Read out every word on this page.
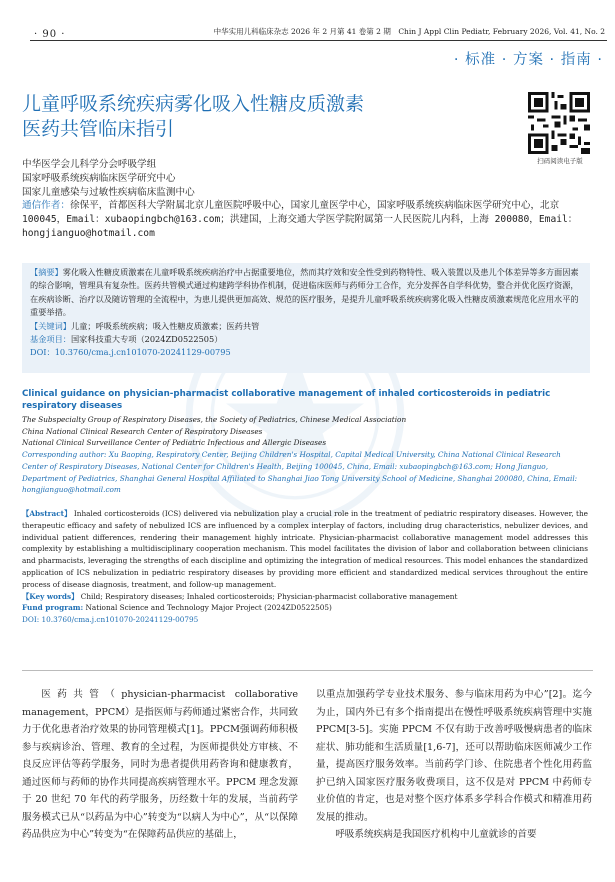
· 90 ·	中华实用儿科临床杂志 2026 年 2 月第 41 卷第 2 期　Chin J Appl Clin Pediatr, February 2026, Vol. 41, No. 2
· 标准 · 方案 · 指南 ·
儿童呼吸系统疾病雾化吸入性糖皮质激素
医药共管临床指引
扫码阅读电子版
中华医学会儿科学分会呼吸学组
国家呼吸系统疾病临床医学研究中心
国家儿童感染与过敏性疾病临床监测中心
通信作者：徐保平，首都医科大学附属北京儿童医院呼吸中心，国家儿童医学中心，国家呼吸系统疾病临床医学研究中心，北京 100045，Email：xubaopingbch@163.com；洪建国，上海交通大学医学院附属第一人民医院儿内科，上海 200080，Email：hongjianguo@hotmail.com
【摘要】雾化吸入性糖皮质激素在儿童呼吸系统疾病治疗中占据重要地位，然而其疗效和安全性受到药物特性、吸入装置以及患儿个体差异等多方面因素的综合影响，管理具有复杂性。医药共管模式通过构建跨学科协作机制，促进临床医师与药师分工合作，充分发挥各自学科优势，整合并优化医疗资源，在疾病诊断、治疗以及随访管理的全流程中，为患儿提供更加高效、规范的医疗服务，是提升儿童呼吸系统疾病雾化吸入性糖皮质激素规范化应用水平的重要举措。
【关键词】儿童；呼吸系统疾病；吸入性糖皮质激素；医药共管
基金项目：国家科技重大专项（2024ZD0522505）
DOI：10.3760/cma.j.cn101070-20241129-00795
Clinical guidance on physician-pharmacist collaborative management of inhaled corticosteroids in pediatric respiratory diseases
The Subspecialty Group of Respiratory Diseases, the Society of Pediatrics, Chinese Medical Association
China National Clinical Research Center of Respiratory Diseases
National Clinical Surveillance Center of Pediatric Infectious and Allergic Diseases
Corresponding author: Xu Baoping, Respiratory Center, Beijing Children's Hospital, Capital Medical University, China National Clinical Research Center of Respiratory Diseases, National Center for Children's Health, Beijing 100045, China, Email: xubaopingbch@163.com; Hong Jianguo, Department of Pediatrics, Shanghai General Hospital Affiliated to Shanghai Jiao Tong University School of Medicine, Shanghai 200080, China, Email: hongjianguo@hotmail.com
【Abstract】 Inhaled corticosteroids (ICS) delivered via nebulization play a crucial role in the treatment of pediatric respiratory diseases. However, the therapeutic efficacy and safety of nebulized ICS are influenced by a complex interplay of factors, including drug characteristics, nebulizer devices, and individual patient differences, rendering their management highly intricate. Physician-pharmacist collaborative management model addresses this complexity by establishing a multidisciplinary cooperation mechanism. This model facilitates the division of labor and collaboration between clinicians and pharmacists, leveraging the strengths of each discipline and optimizing the integration of medical resources. This model enhances the standardized application of ICS nebulization in pediatric respiratory diseases by providing more efficient and standardized medical services throughout the entire process of disease diagnosis, treatment, and follow-up management.
【Key words】 Child; Respiratory diseases; Inhaled corticosteroids; Physician-pharmacist collaborative management
Fund program: National Science and Technology Major Project (2024ZD0522505)
DOI: 10.3760/cma.j.cn101070-20241129-00795
医药共管（physician-pharmacist collaborative management，PPCM）是指医师与药师通过紧密合作，共同致力于优化患者治疗效果的协同管理模式[1]。PPCM强调药师积极参与疾病诊治、管理、教育的全过程，为医师提供处方审核、不良反应评估等药学服务，同时为患者提供用药咨询和健康教育，通过医师与药师的协作共同提高疾病管理水平。PPCM 理念发源于 20 世纪 70 年代的药学服务，历经数十年的发展，当前药学服务模式已从“以药品为中心”转变为“以病人为中心”，从“以保障药品供应为中心”转变为“在保障药品供应的基础上，
以重点加强药学专业技术服务、参与临床用药为中心”[2]。迄今为止，国内外已有多个指南提出在慢性呼吸系统疾病管理中实施 PPCM[3-5]。实施 PPCM 不仅有助于改善呼吸慢病患者的临床症状、肺功能和生活质量[1,6-7]，还可以帮助临床医师减少工作量，提高医疗服务效率。当前药学门诊、住院患者个性化用药监护已纳入国家医疗服务收费项目，这不仅是对 PPCM 中药师专业价值的肯定，也是对整个医疗体系多学科合作模式和精准用药发展的推动。
呼吸系统疾病是我国医疗机构中儿童就诊的首要
